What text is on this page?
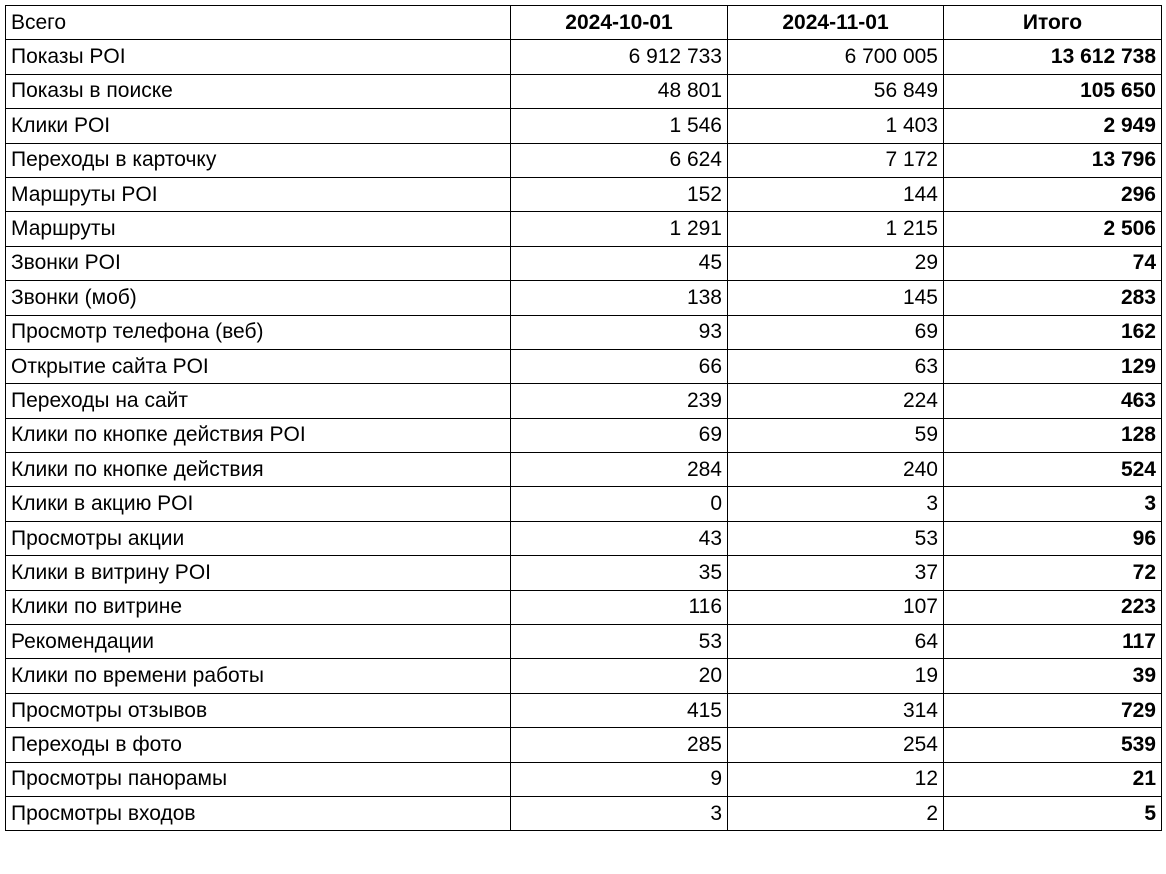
Всего	2024-10-01	2024-11-01	Итого
Показы POI	6 912 733	6 700 005	13 612 738
Показы в поиске	48 801	56 849	105 650
Клики POI	1 546	1 403	2 949
Переходы в карточку	6 624	7 172	13 796
Маршруты POI	152	144	296
Маршруты	1 291	1 215	2 506
Звонки POI	45	29	74
Звонки (моб)	138	145	283
Просмотр телефона (веб)	93	69	162
Открытие сайта POI	66	63	129
Переходы на сайт	239	224	463
Клики по кнопке действия POI	69	59	128
Клики по кнопке действия	284	240	524
Клики в акцию POI	0	3	3
Просмотры акции	43	53	96
Клики в витрину POI	35	37	72
Клики по витрине	116	107	223
Рекомендации	53	64	117
Клики по времени работы	20	19	39
Просмотры отзывов	415	314	729
Переходы в фото	285	254	539
Просмотры панорамы	9	12	21
Просмотры входов	3	2	5
